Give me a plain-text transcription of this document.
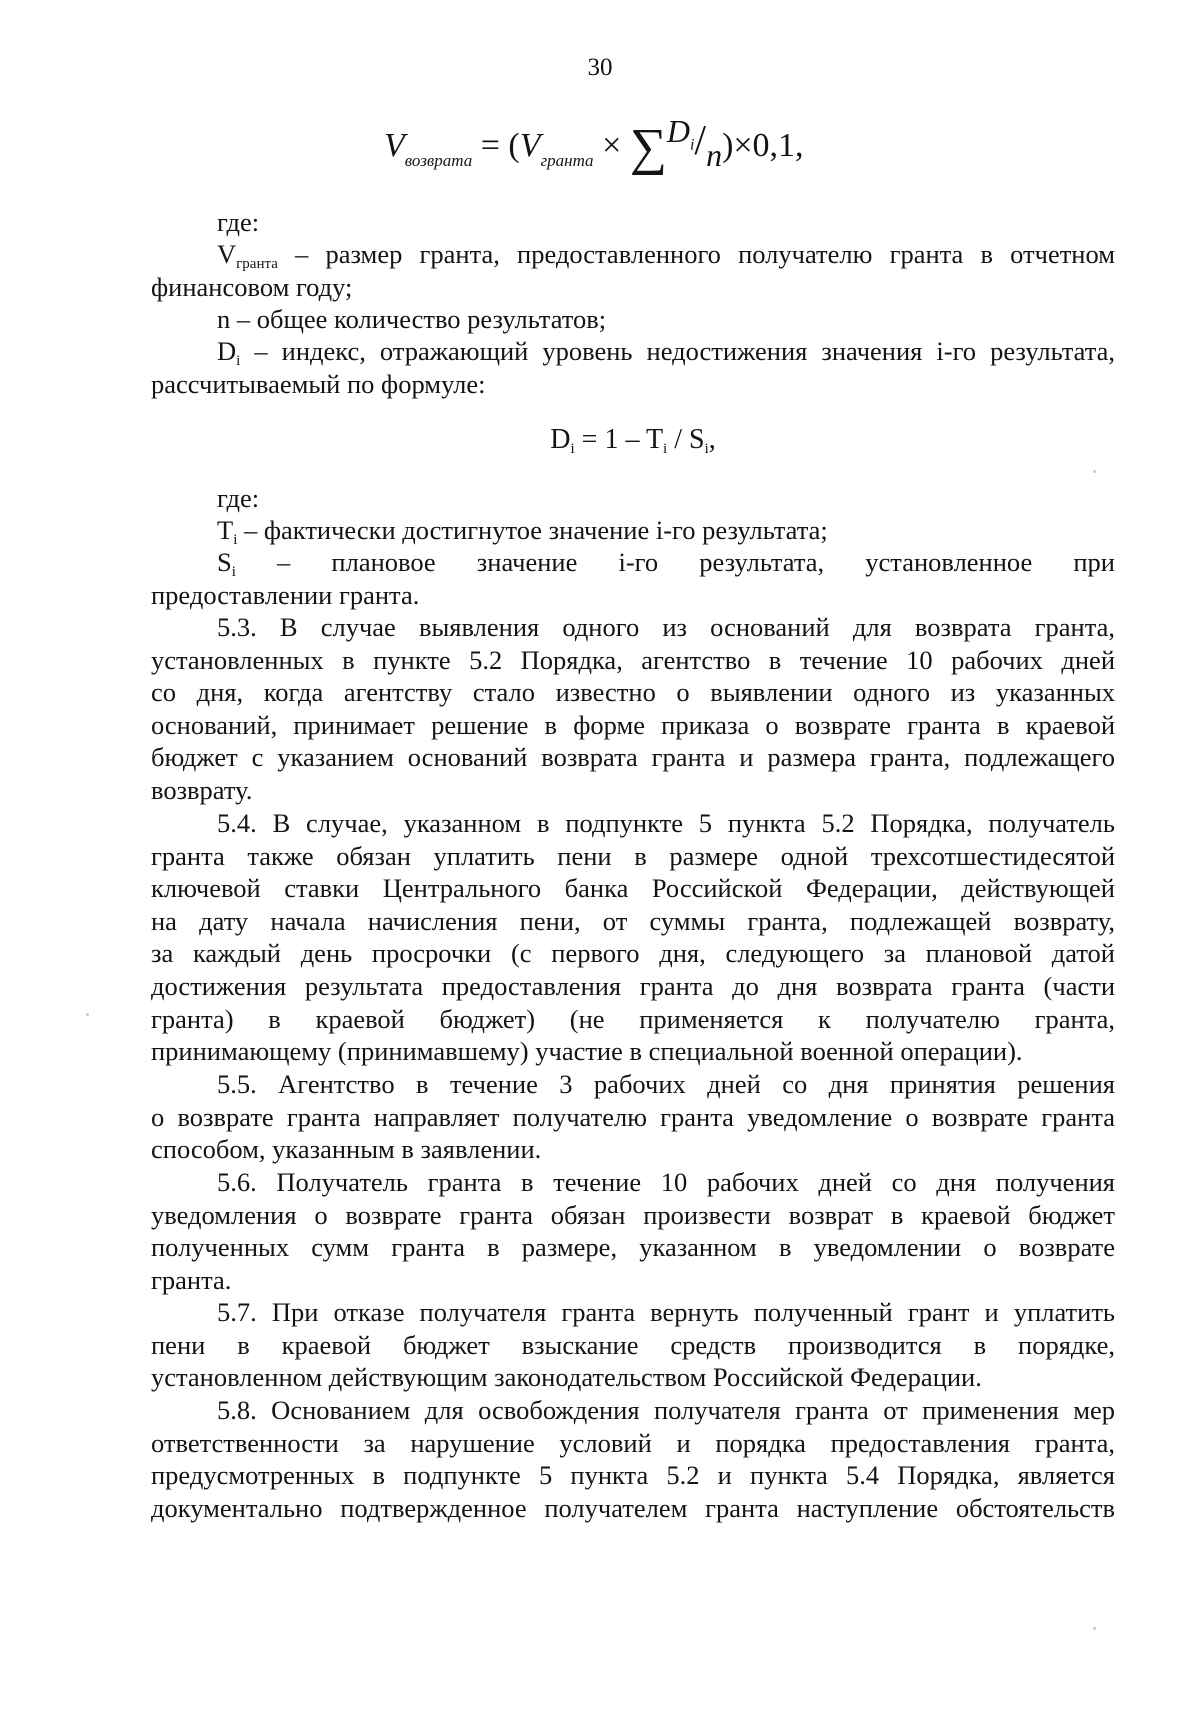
30
$V_{возврата} = (V_{гранта} \times \sum D_i/n)\times 0,1$,
где:
$V_{гранта}$ – размер гранта, предоставленного получателю гранта в отчетном
финансовом году;
n – общее количество результатов;
$D_i$ – индекс, отражающий уровень недостижения значения i-го результата,
рассчитываемый по формуле:
$D_i = 1 - T_i / S_i$,
где:
$T_i$ – фактически достигнутое значение i-го результата;
$S_i$ – плановое значение i-го результата, установленное при
предоставлении гранта.
5.3. В случае выявления одного из оснований для возврата гранта,
установленных в пункте 5.2 Порядка, агентство в течение 10 рабочих дней
со дня, когда агентству стало известно о выявлении одного из указанных
оснований, принимает решение в форме приказа о возврате гранта в краевой
бюджет с указанием оснований возврата гранта и размера гранта, подлежащего
возврату.
5.4. В случае, указанном в подпункте 5 пункта 5.2 Порядка, получатель
гранта также обязан уплатить пени в размере одной трехсотшестидесятой
ключевой ставки Центрального банка Российской Федерации, действующей
на дату начала начисления пени, от суммы гранта, подлежащей возврату,
за каждый день просрочки (с первого дня, следующего за плановой датой
достижения результата предоставления гранта до дня возврата гранта (части
гранта) в краевой бюджет) (не применяется к получателю гранта,
принимающему (принимавшему) участие в специальной военной операции).
5.5. Агентство в течение 3 рабочих дней со дня принятия решения
о возврате гранта направляет получателю гранта уведомление о возврате гранта
способом, указанным в заявлении.
5.6. Получатель гранта в течение 10 рабочих дней со дня получения
уведомления о возврате гранта обязан произвести возврат в краевой бюджет
полученных сумм гранта в размере, указанном в уведомлении о возврате
гранта.
5.7. При отказе получателя гранта вернуть полученный грант и уплатить
пени в краевой бюджет взыскание средств производится в порядке,
установленном действующим законодательством Российской Федерации.
5.8. Основанием для освобождения получателя гранта от применения мер
ответственности за нарушение условий и порядка предоставления гранта,
предусмотренных в подпункте 5 пункта 5.2 и пункта 5.4 Порядка, является
документально подтвержденное получателем гранта наступление обстоятельств
